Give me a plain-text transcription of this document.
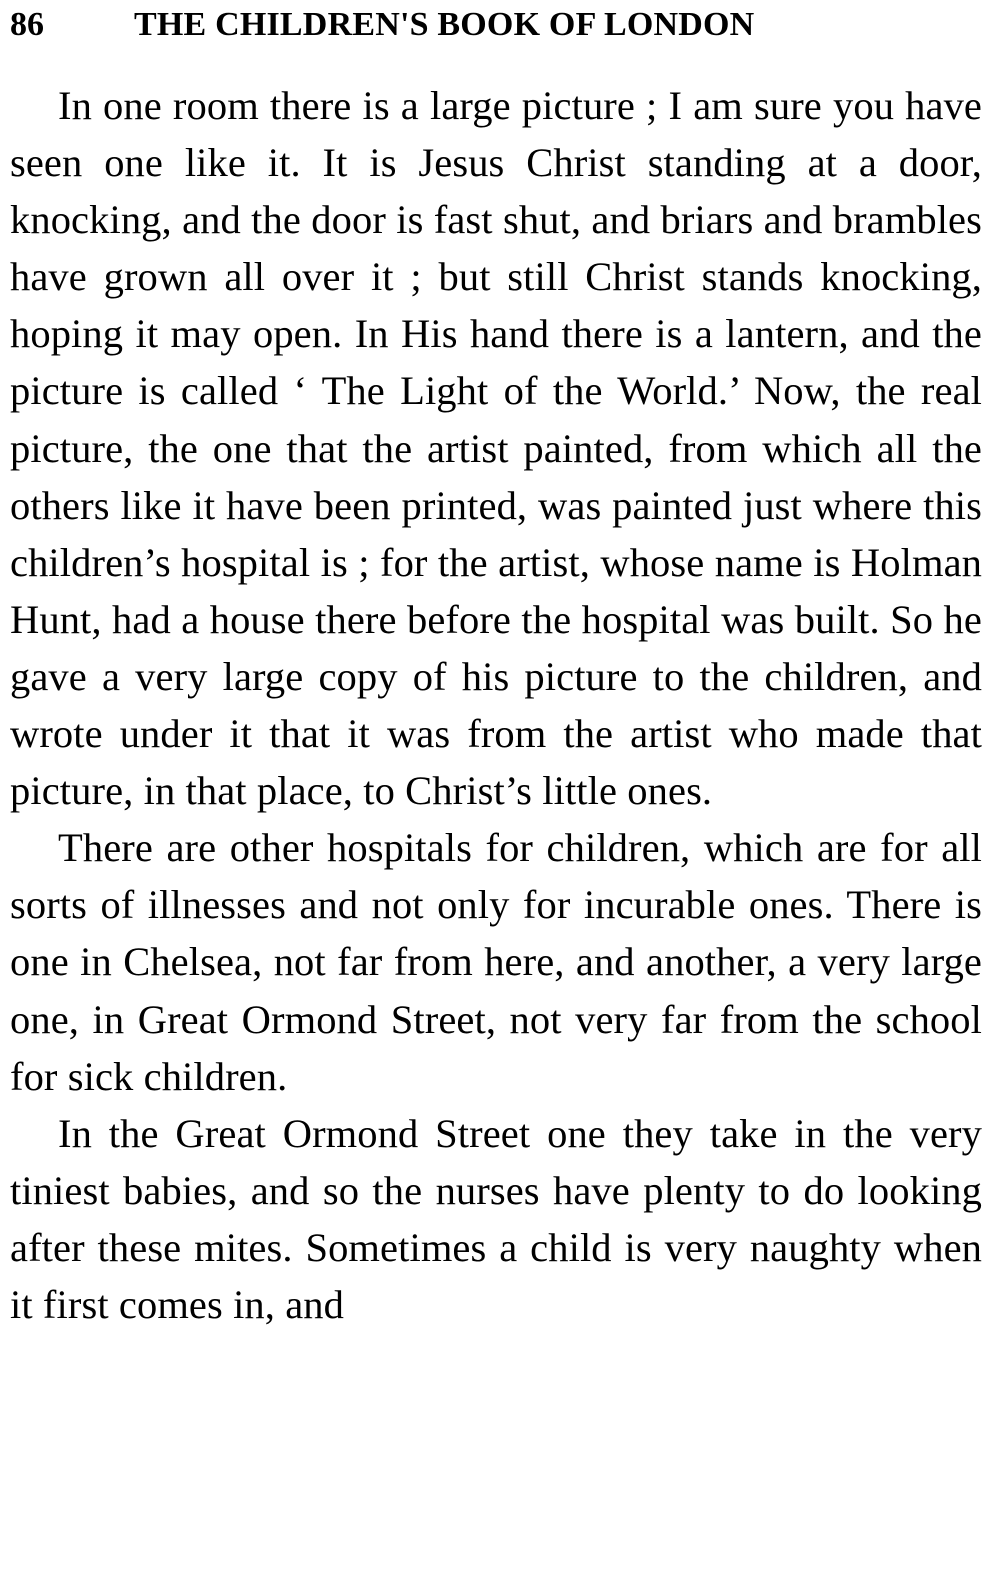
86	THE CHILDREN'S BOOK OF LONDON

In one room there is a large picture ; I am sure you have seen one like it. It is Jesus Christ standing at a door, knocking, and the door is fast shut, and briars and brambles have grown all over it ; but still Christ stands knocking, hoping it may open. In His hand there is a lantern, and the picture is called ‘ The Light of the World.’ Now, the real picture, the one that the artist painted, from which all the others like it have been printed, was painted just where this children’s hospital is ; for the artist, whose name is Holman Hunt, had a house there before the hospital was built. So he gave a very large copy of his picture to the children, and wrote under it that it was from the artist who made that picture, in that place, to Christ’s little ones.

There are other hospitals for children, which are for all sorts of illnesses and not only for incurable ones. There is one in Chelsea, not far from here, and another, a very large one, in Great Ormond Street, not very far from the school for sick children.

In the Great Ormond Street one they take in the very tiniest babies, and so the nurses have plenty to do looking after these mites. Sometimes a child is very naughty when it first comes in, and
